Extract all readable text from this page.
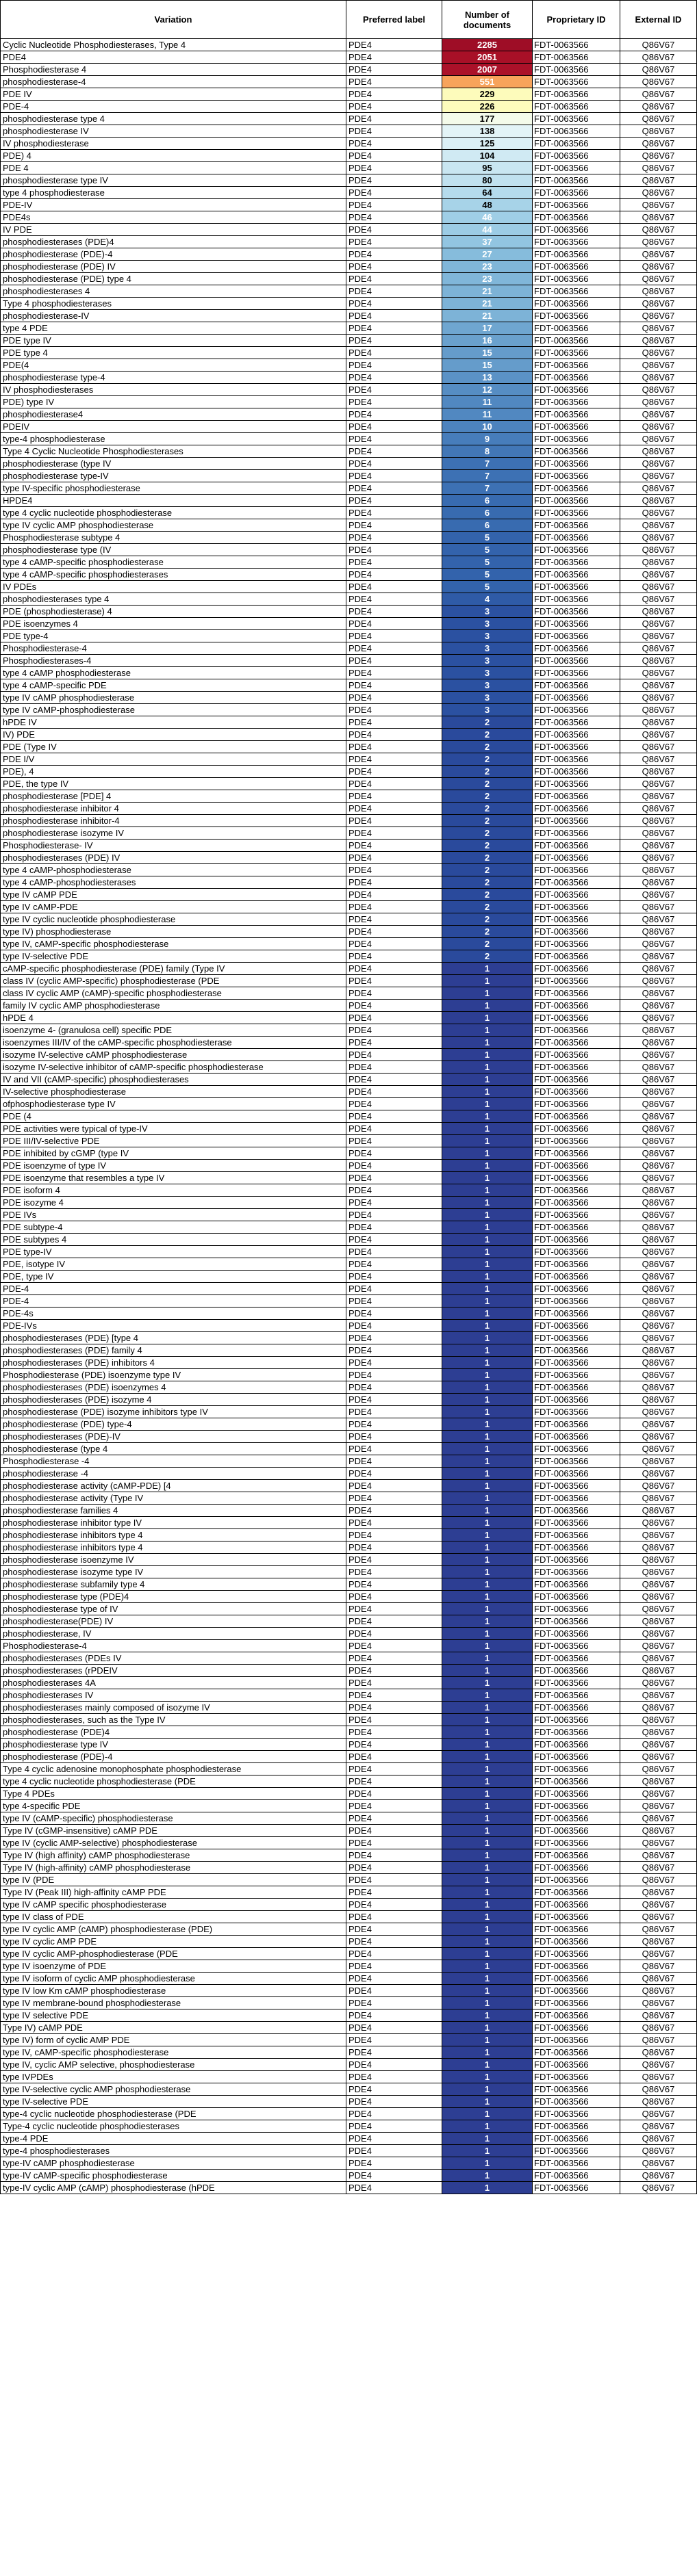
Variation	Preferred label	Number of documents	Proprietary ID	External ID
Cyclic Nucleotide Phosphodiesterases, Type 4	PDE4	2285	FDT-0063566	Q86V67
PDE4	PDE4	2051	FDT-0063566	Q86V67
Phosphodiesterase 4	PDE4	2007	FDT-0063566	Q86V67
phosphodiesterase-4	PDE4	551	FDT-0063566	Q86V67
PDE IV	PDE4	229	FDT-0063566	Q86V67
PDE-4	PDE4	226	FDT-0063566	Q86V67
phosphodiesterase type 4	PDE4	177	FDT-0063566	Q86V67
phosphodiesterase IV	PDE4	138	FDT-0063566	Q86V67
IV phosphodiesterase	PDE4	125	FDT-0063566	Q86V67
PDE) 4	PDE4	104	FDT-0063566	Q86V67
PDE 4	PDE4	95	FDT-0063566	Q86V67
phosphodiesterase type IV	PDE4	80	FDT-0063566	Q86V67
type 4 phosphodiesterase	PDE4	64	FDT-0063566	Q86V67
PDE-IV	PDE4	48	FDT-0063566	Q86V67
PDE4s	PDE4	46	FDT-0063566	Q86V67
IV PDE	PDE4	44	FDT-0063566	Q86V67
phosphodiesterases (PDE)4	PDE4	37	FDT-0063566	Q86V67
phosphodiesterase (PDE)-4	PDE4	27	FDT-0063566	Q86V67
phosphodiesterase (PDE) IV	PDE4	23	FDT-0063566	Q86V67
phosphodiesterase (PDE) type 4	PDE4	23	FDT-0063566	Q86V67
phosphodiesterases 4	PDE4	21	FDT-0063566	Q86V67
Type 4 phosphodiesterases	PDE4	21	FDT-0063566	Q86V67
phosphodiesterase-IV	PDE4	21	FDT-0063566	Q86V67
type 4 PDE	PDE4	17	FDT-0063566	Q86V67
PDE type IV	PDE4	16	FDT-0063566	Q86V67
PDE type 4	PDE4	15	FDT-0063566	Q86V67
PDE(4	PDE4	15	FDT-0063566	Q86V67
phosphodiesterase type-4	PDE4	13	FDT-0063566	Q86V67
IV phosphodiesterases	PDE4	12	FDT-0063566	Q86V67
PDE) type IV	PDE4	11	FDT-0063566	Q86V67
phosphodiesterase4	PDE4	11	FDT-0063566	Q86V67
PDEIV	PDE4	10	FDT-0063566	Q86V67
type-4 phosphodiesterase	PDE4	9	FDT-0063566	Q86V67
Type 4 Cyclic Nucleotide Phosphodiesterases	PDE4	8	FDT-0063566	Q86V67
phosphodiesterase (type IV	PDE4	7	FDT-0063566	Q86V67
phosphodiesterase type-IV	PDE4	7	FDT-0063566	Q86V67
type IV-specific phosphodiesterase	PDE4	7	FDT-0063566	Q86V67
HPDE4	PDE4	6	FDT-0063566	Q86V67
type 4 cyclic nucleotide phosphodiesterase	PDE4	6	FDT-0063566	Q86V67
type IV cyclic AMP phosphodiesterase	PDE4	6	FDT-0063566	Q86V67
Phosphodiesterase subtype 4	PDE4	5	FDT-0063566	Q86V67
phosphodiesterase type (IV	PDE4	5	FDT-0063566	Q86V67
type 4 cAMP-specific phosphodiesterase	PDE4	5	FDT-0063566	Q86V67
type 4 cAMP-specific phosphodiesterases	PDE4	5	FDT-0063566	Q86V67
IV PDEs	PDE4	5	FDT-0063566	Q86V67
phosphodiesterases type 4	PDE4	4	FDT-0063566	Q86V67
PDE (phosphodiesterase) 4	PDE4	3	FDT-0063566	Q86V67
PDE isoenzymes 4	PDE4	3	FDT-0063566	Q86V67
PDE type-4	PDE4	3	FDT-0063566	Q86V67
Phosphodiesterase-4	PDE4	3	FDT-0063566	Q86V67
Phosphodiesterases-4	PDE4	3	FDT-0063566	Q86V67
type 4 cAMP phosphodiesterase	PDE4	3	FDT-0063566	Q86V67
type 4 cAMP-specific PDE	PDE4	3	FDT-0063566	Q86V67
type IV cAMP phosphodiesterase	PDE4	3	FDT-0063566	Q86V67
type IV cAMP-phosphodiesterase	PDE4	3	FDT-0063566	Q86V67
hPDE IV	PDE4	2	FDT-0063566	Q86V67
IV) PDE	PDE4	2	FDT-0063566	Q86V67
PDE (Type IV	PDE4	2	FDT-0063566	Q86V67
PDE I/V	PDE4	2	FDT-0063566	Q86V67
PDE), 4	PDE4	2	FDT-0063566	Q86V67
PDE, the type IV	PDE4	2	FDT-0063566	Q86V67
phosphodiesterase [PDE] 4	PDE4	2	FDT-0063566	Q86V67
phosphodiesterase inhibitor 4	PDE4	2	FDT-0063566	Q86V67
phosphodiesterase inhibitor-4	PDE4	2	FDT-0063566	Q86V67
phosphodiesterase isozyme IV	PDE4	2	FDT-0063566	Q86V67
Phosphodiesterase- IV	PDE4	2	FDT-0063566	Q86V67
phosphodiesterases (PDE) IV	PDE4	2	FDT-0063566	Q86V67
type 4 cAMP-phosphodiesterase	PDE4	2	FDT-0063566	Q86V67
type 4 cAMP-phosphodiesterases	PDE4	2	FDT-0063566	Q86V67
type IV cAMP PDE	PDE4	2	FDT-0063566	Q86V67
type IV cAMP-PDE	PDE4	2	FDT-0063566	Q86V67
type IV cyclic nucleotide phosphodiesterase	PDE4	2	FDT-0063566	Q86V67
type IV) phosphodiesterase	PDE4	2	FDT-0063566	Q86V67
type IV, cAMP-specific phosphodiesterase	PDE4	2	FDT-0063566	Q86V67
type IV-selective PDE	PDE4	2	FDT-0063566	Q86V67
cAMP-specific phosphodiesterase (PDE) family (Type IV	PDE4	1	FDT-0063566	Q86V67
class IV (cyclic AMP-specific) phosphodiesterase (PDE	PDE4	1	FDT-0063566	Q86V67
class IV cyclic AMP (cAMP)-specific phosphodiesterase	PDE4	1	FDT-0063566	Q86V67
family IV cyclic AMP phosphodiesterase	PDE4	1	FDT-0063566	Q86V67
hPDE 4	PDE4	1	FDT-0063566	Q86V67
isoenzyme 4- (granulosa cell) specific PDE	PDE4	1	FDT-0063566	Q86V67
isoenzymes III/IV of the cAMP-specific phosphodiesterase	PDE4	1	FDT-0063566	Q86V67
isozyme IV-selective cAMP phosphodiesterase	PDE4	1	FDT-0063566	Q86V67
isozyme IV-selective inhibitor of cAMP-specific phosphodiesterase	PDE4	1	FDT-0063566	Q86V67
IV and VII (cAMP-specific) phosphodiesterases	PDE4	1	FDT-0063566	Q86V67
IV-selective phosphodiesterase	PDE4	1	FDT-0063566	Q86V67
ofphosphodiesterase type IV	PDE4	1	FDT-0063566	Q86V67
PDE (4	PDE4	1	FDT-0063566	Q86V67
PDE activities were typical of type-IV	PDE4	1	FDT-0063566	Q86V67
PDE III/IV-selective PDE	PDE4	1	FDT-0063566	Q86V67
PDE inhibited by cGMP (type IV	PDE4	1	FDT-0063566	Q86V67
PDE isoenzyme of type IV	PDE4	1	FDT-0063566	Q86V67
PDE isoenzyme that resembles a type IV	PDE4	1	FDT-0063566	Q86V67
PDE isoform 4	PDE4	1	FDT-0063566	Q86V67
PDE isozyme 4	PDE4	1	FDT-0063566	Q86V67
PDE IVs	PDE4	1	FDT-0063566	Q86V67
PDE subtype-4	PDE4	1	FDT-0063566	Q86V67
PDE subtypes 4	PDE4	1	FDT-0063566	Q86V67
PDE type-IV	PDE4	1	FDT-0063566	Q86V67
PDE, isotype IV	PDE4	1	FDT-0063566	Q86V67
PDE, type IV	PDE4	1	FDT-0063566	Q86V67
PDE-4	PDE4	1	FDT-0063566	Q86V67
PDE-4	PDE4	1	FDT-0063566	Q86V67
PDE-4s	PDE4	1	FDT-0063566	Q86V67
PDE-IVs	PDE4	1	FDT-0063566	Q86V67
phosphodiesterases (PDE) [type 4	PDE4	1	FDT-0063566	Q86V67
phosphodiesterases (PDE) family 4	PDE4	1	FDT-0063566	Q86V67
phosphodiesterases (PDE) inhibitors 4	PDE4	1	FDT-0063566	Q86V67
Phosphodiesterase (PDE) isoenzyme type IV	PDE4	1	FDT-0063566	Q86V67
phosphodiesterases (PDE) isoenzymes 4	PDE4	1	FDT-0063566	Q86V67
phosphodiesterases (PDE) isozyme 4	PDE4	1	FDT-0063566	Q86V67
phosphodiesterase (PDE) isozyme inhibitors type IV	PDE4	1	FDT-0063566	Q86V67
phosphodiesterase (PDE) type-4	PDE4	1	FDT-0063566	Q86V67
phosphodiesterases (PDE)-IV	PDE4	1	FDT-0063566	Q86V67
phosphodiesterase (type 4	PDE4	1	FDT-0063566	Q86V67
Phosphodiesterase -4	PDE4	1	FDT-0063566	Q86V67
phosphodiesterase -4	PDE4	1	FDT-0063566	Q86V67
phosphodiesterase activity (cAMP-PDE) [4	PDE4	1	FDT-0063566	Q86V67
phosphodiesterase activity (Type IV	PDE4	1	FDT-0063566	Q86V67
phosphodiesterase families 4	PDE4	1	FDT-0063566	Q86V67
phosphodiesterase inhibitor type IV	PDE4	1	FDT-0063566	Q86V67
phosphodiesterase inhibitors type 4	PDE4	1	FDT-0063566	Q86V67
phosphodiesterase inhibitors type 4	PDE4	1	FDT-0063566	Q86V67
phosphodiesterase isoenzyme IV	PDE4	1	FDT-0063566	Q86V67
phosphodiesterase isozyme type IV	PDE4	1	FDT-0063566	Q86V67
phosphodiesterase subfamily type 4	PDE4	1	FDT-0063566	Q86V67
phosphodiesterase type (PDE)4	PDE4	1	FDT-0063566	Q86V67
phosphodiesterase type of IV	PDE4	1	FDT-0063566	Q86V67
phosphodiesterase(PDE) IV	PDE4	1	FDT-0063566	Q86V67
phosphodiesterase, IV	PDE4	1	FDT-0063566	Q86V67
Phosphodiesterase-4	PDE4	1	FDT-0063566	Q86V67
phosphodiesterases (PDEs IV	PDE4	1	FDT-0063566	Q86V67
phosphodiesterases (rPDEIV	PDE4	1	FDT-0063566	Q86V67
phosphodiesterases 4A	PDE4	1	FDT-0063566	Q86V67
phosphodiesterases IV	PDE4	1	FDT-0063566	Q86V67
phosphodiesterases mainly composed of isozyme IV	PDE4	1	FDT-0063566	Q86V67
phosphodiesterases, such as the Type IV	PDE4	1	FDT-0063566	Q86V67
phosphodiesterase (PDE)4	PDE4	1	FDT-0063566	Q86V67
phosphodiesterase type IV	PDE4	1	FDT-0063566	Q86V67
phosphodiesterase (PDE)-4	PDE4	1	FDT-0063566	Q86V67
Type 4 cyclic adenosine monophosphate phosphodiesterase	PDE4	1	FDT-0063566	Q86V67
type 4 cyclic nucleotide phosphodiesterase (PDE	PDE4	1	FDT-0063566	Q86V67
Type 4 PDEs	PDE4	1	FDT-0063566	Q86V67
type 4-specific PDE	PDE4	1	FDT-0063566	Q86V67
type IV (cAMP-specific) phosphodiesterase	PDE4	1	FDT-0063566	Q86V67
Type IV (cGMP-insensitive) cAMP PDE	PDE4	1	FDT-0063566	Q86V67
type IV (cyclic AMP-selective) phosphodiesterase	PDE4	1	FDT-0063566	Q86V67
Type IV (high affinity) cAMP phosphodiesterase	PDE4	1	FDT-0063566	Q86V67
Type IV (high-affinity) cAMP phosphodiesterase	PDE4	1	FDT-0063566	Q86V67
type IV (PDE	PDE4	1	FDT-0063566	Q86V67
Type IV (Peak III) high-affinity cAMP PDE	PDE4	1	FDT-0063566	Q86V67
type IV cAMP specific phosphodiesterase	PDE4	1	FDT-0063566	Q86V67
type IV class of PDE	PDE4	1	FDT-0063566	Q86V67
type IV cyclic AMP (cAMP) phosphodiesterase (PDE)	PDE4	1	FDT-0063566	Q86V67
type IV cyclic AMP PDE	PDE4	1	FDT-0063566	Q86V67
type IV cyclic AMP-phosphodiesterase (PDE	PDE4	1	FDT-0063566	Q86V67
type IV isoenzyme of PDE	PDE4	1	FDT-0063566	Q86V67
type IV isoform of cyclic AMP phosphodiesterase	PDE4	1	FDT-0063566	Q86V67
type IV low Km cAMP phosphodiesterase	PDE4	1	FDT-0063566	Q86V67
type IV membrane-bound phosphodiesterase	PDE4	1	FDT-0063566	Q86V67
type IV selective PDE	PDE4	1	FDT-0063566	Q86V67
Type IV) cAMP PDE	PDE4	1	FDT-0063566	Q86V67
type IV) form of cyclic AMP PDE	PDE4	1	FDT-0063566	Q86V67
type IV, cAMP-specific phosphodiesterase	PDE4	1	FDT-0063566	Q86V67
type IV, cyclic AMP selective, phosphodiesterase	PDE4	1	FDT-0063566	Q86V67
type IVPDEs	PDE4	1	FDT-0063566	Q86V67
type IV-selective cyclic AMP phosphodiesterase	PDE4	1	FDT-0063566	Q86V67
type IV-selective PDE	PDE4	1	FDT-0063566	Q86V67
type-4 cyclic nucleotide phosphodiesterase (PDE	PDE4	1	FDT-0063566	Q86V67
Type-4 cyclic nucleotide phosphodiesterases	PDE4	1	FDT-0063566	Q86V67
type-4 PDE	PDE4	1	FDT-0063566	Q86V67
type-4 phosphodiesterases	PDE4	1	FDT-0063566	Q86V67
type-IV cAMP phosphodiesterase	PDE4	1	FDT-0063566	Q86V67
type-IV cAMP-specific phosphodiesterase	PDE4	1	FDT-0063566	Q86V67
type-IV cyclic AMP (cAMP) phosphodiesterase (hPDE	PDE4	1	FDT-0063566	Q86V67
